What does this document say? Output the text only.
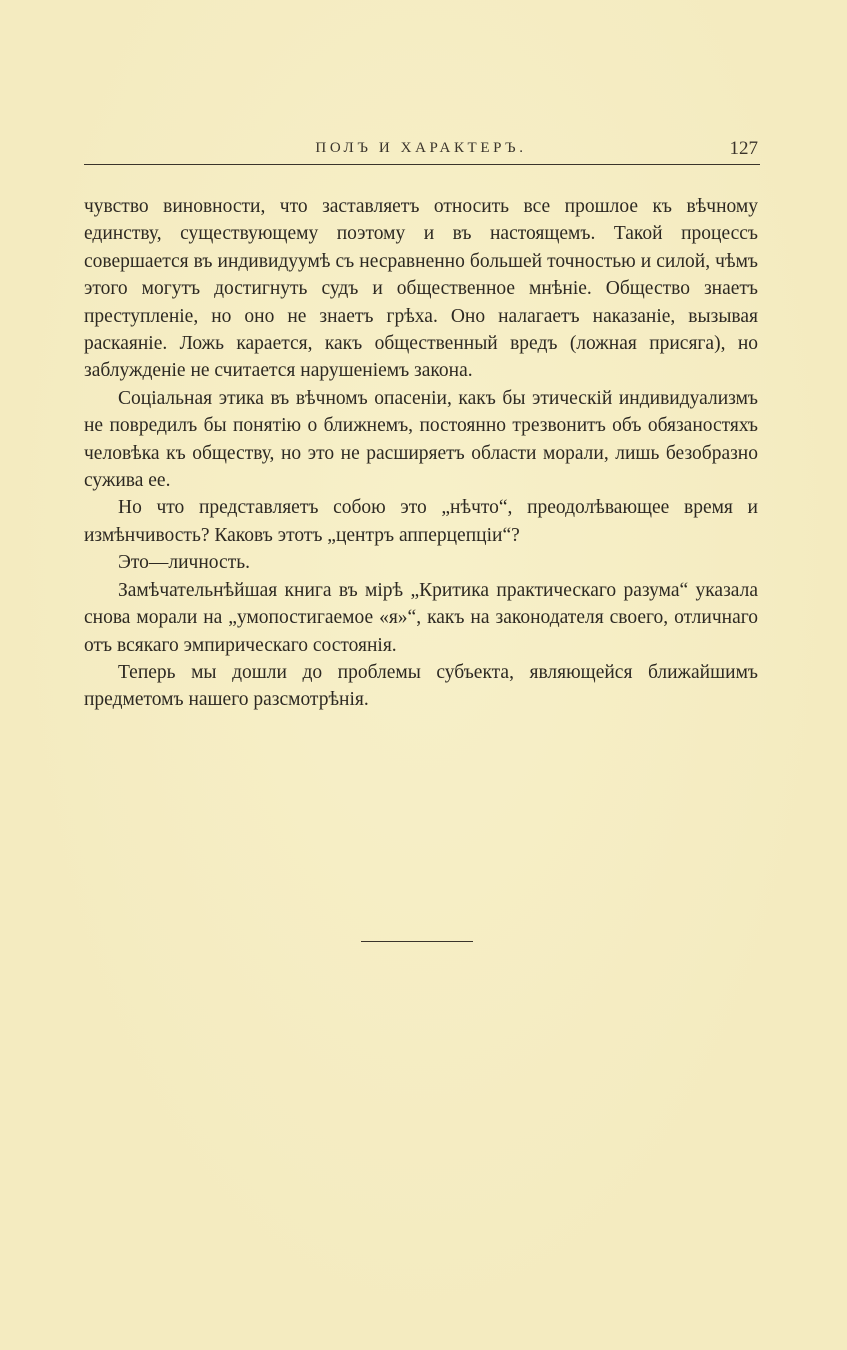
ПОЛЪ И ХАРАКТЕРЪ.	127

чувство виновности, что заставляетъ относить все прошлое къ вѣчному единству, существующему поэтому и въ настоящемъ. Такой процессъ совершается въ индивидуумѣ съ несравненно большей точностью и силой, чѣмъ этого могутъ достигнуть судъ и общественное мнѣніе. Общество знаетъ преступленіе, но оно не знаетъ грѣха. Оно налагаетъ наказаніе, вызывая раскаяніе. Ложь карается, какъ общественный вредъ (ложная присяга), но заблужденіе не считается нарушеніемъ закона.

Соціальная этика въ вѣчномъ опасеніи, какъ бы этическій индивидуализмъ не повредилъ бы понятію о ближнемъ, постоянно трезвонитъ объ обязаностяхъ человѣка къ обществу, но это не расширяетъ области морали, лишь безобразно сужива ее.

Но что представляетъ собою это „нѣчто“, преодолѣвающее время и измѣнчивость? Каковъ этотъ „центръ апперцепціи“?

Это—личность.

Замѣчательнѣйшая книга въ мірѣ „Критика практическаго разума“ указала снова морали на „умопостигаемое «я»“, какъ на законодателя своего, отличнаго отъ всякаго эмпирическаго состоянія.

Теперь мы дошли до проблемы субъекта, являющейся ближайшимъ предметомъ нашего разсмотрѣнія.
